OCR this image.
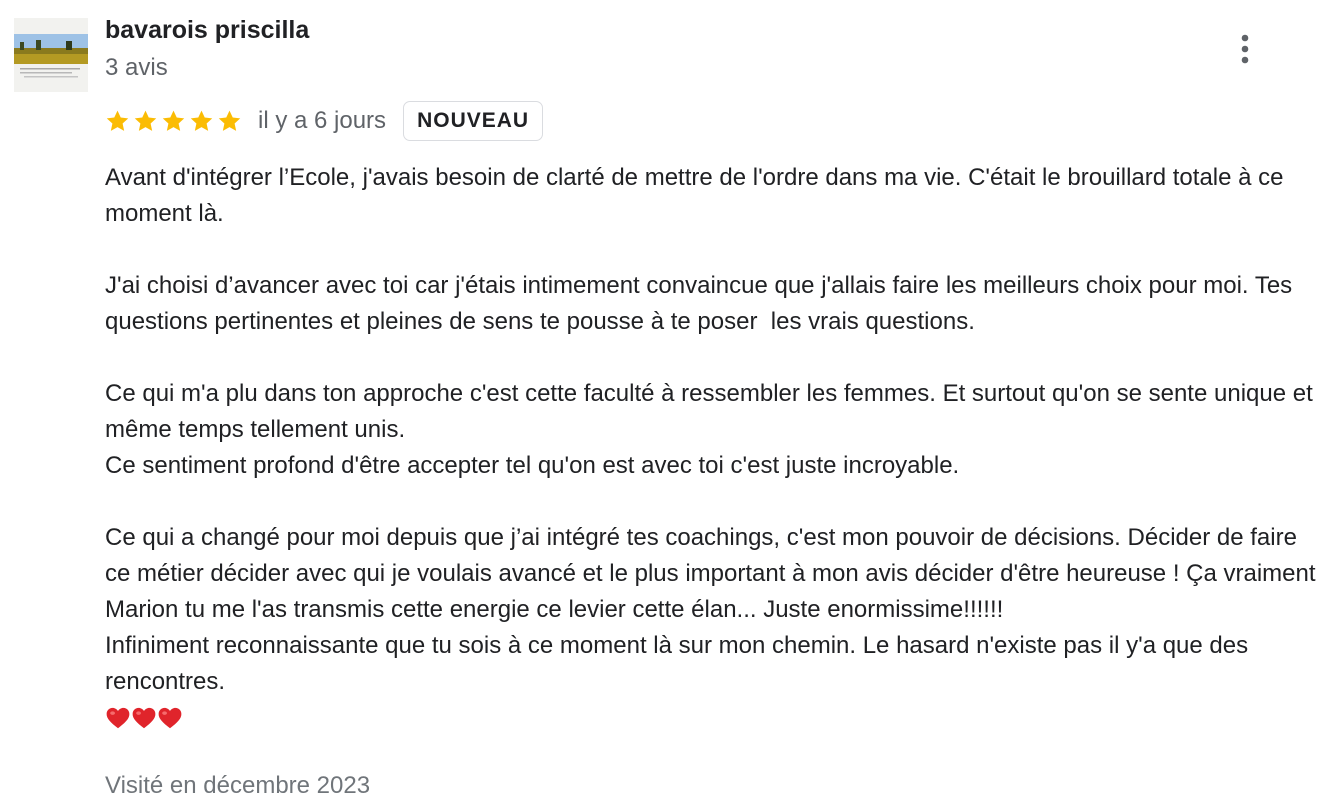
bavarois priscilla
3 avis
il y a 6 jours	NOUVEAU

Avant d'intégrer l’Ecole, j'avais besoin de clarté de mettre de l'ordre dans ma vie. C'était le brouillard totale à ce moment là.

J'ai choisi d’avancer avec toi car j'étais intimement convaincue que j'allais faire les meilleurs choix pour moi. Tes questions pertinentes et pleines de sens te pousse à te poser  les vrais questions.

Ce qui m'a plu dans ton approche c'est cette faculté à ressembler les femmes. Et surtout qu'on se sente unique et même temps tellement unis.
Ce sentiment profond d'être accepter tel qu'on est avec toi c'est juste incroyable.

Ce qui a changé pour moi depuis que j’ai intégré tes coachings, c'est mon pouvoir de décisions. Décider de faire ce métier décider avec qui je voulais avancé et le plus important à mon avis décider d'être heureuse ! Ça vraiment Marion tu me l'as transmis cette energie ce levier cette élan... Juste enormissime!!!!!!
Infiniment reconnaissante que tu sois à ce moment là sur mon chemin. Le hasard n'existe pas il y'a que des rencontres.

Visité en décembre 2023
